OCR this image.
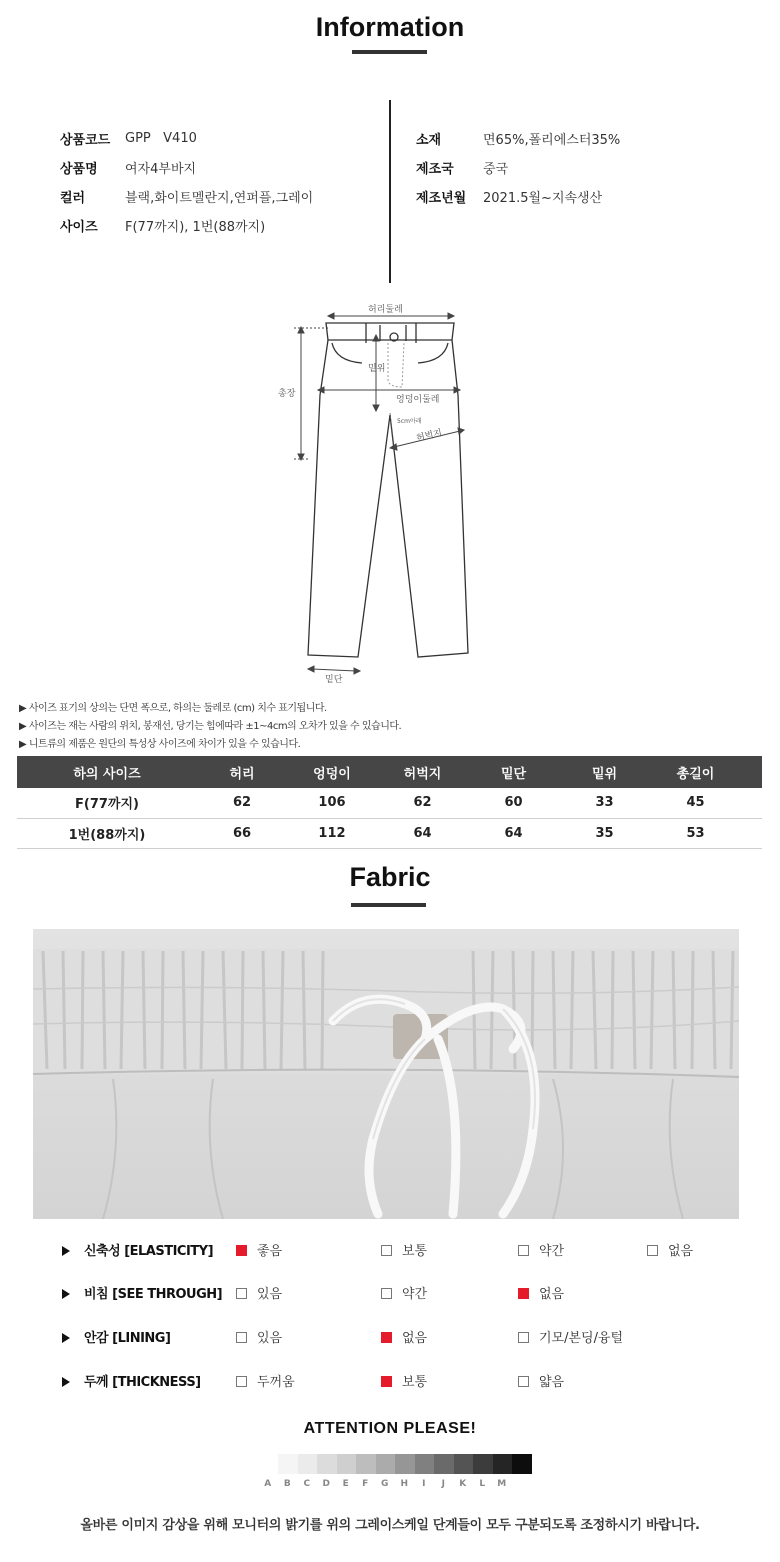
Information
상품코드	GPP   V410
상품명	여자4부바지
컬러	블랙,화이트멜란지,연퍼플,그레이
사이즈	F(77까지), 1번(88까지)
소재	면65%,폴리에스터35%
제조국	중국
제조년월	2021.5월~지속생산
허리둘레
총장
밑위
엉덩이둘레
5cm아래
허벅지
밑단
▶ 사이즈 표기의 상의는 단면 폭으로, 하의는 둘레로 (cm) 치수 표기됩니다.
▶ 사이즈는 재는 사람의 위치, 봉재선, 당기는 힘에따라 ±1~4cm의 오차가 있을 수 있습니다.
▶ 니트류의 제품은 원단의 특성상 사이즈에 차이가 있을 수 있습니다.
하의 사이즈	허리	엉덩이	허벅지	밑단	밑위	총길이	
F(77까지)	62	106	62	60	33	45	
1번(88까지)	66	112	64	64	35	53	
Fabric
신축성 [ELASTICITY]	좋음	보통	약간	없음
비침 [SEE THROUGH]	있음	약간	없음
안감 [LINING]	있음	없음	기모/본딩/융털
두께 [THICKNESS]	두꺼움	보통	얇음
ATTENTION PLEASE!
A	B	C	D	E	F	G	H	I	J	K	L	M
올바른 이미지 감상을 위해 모니터의 밝기를 위의 그레이스케일 단계들이 모두 구분되도록 조정하시기 바랍니다.
